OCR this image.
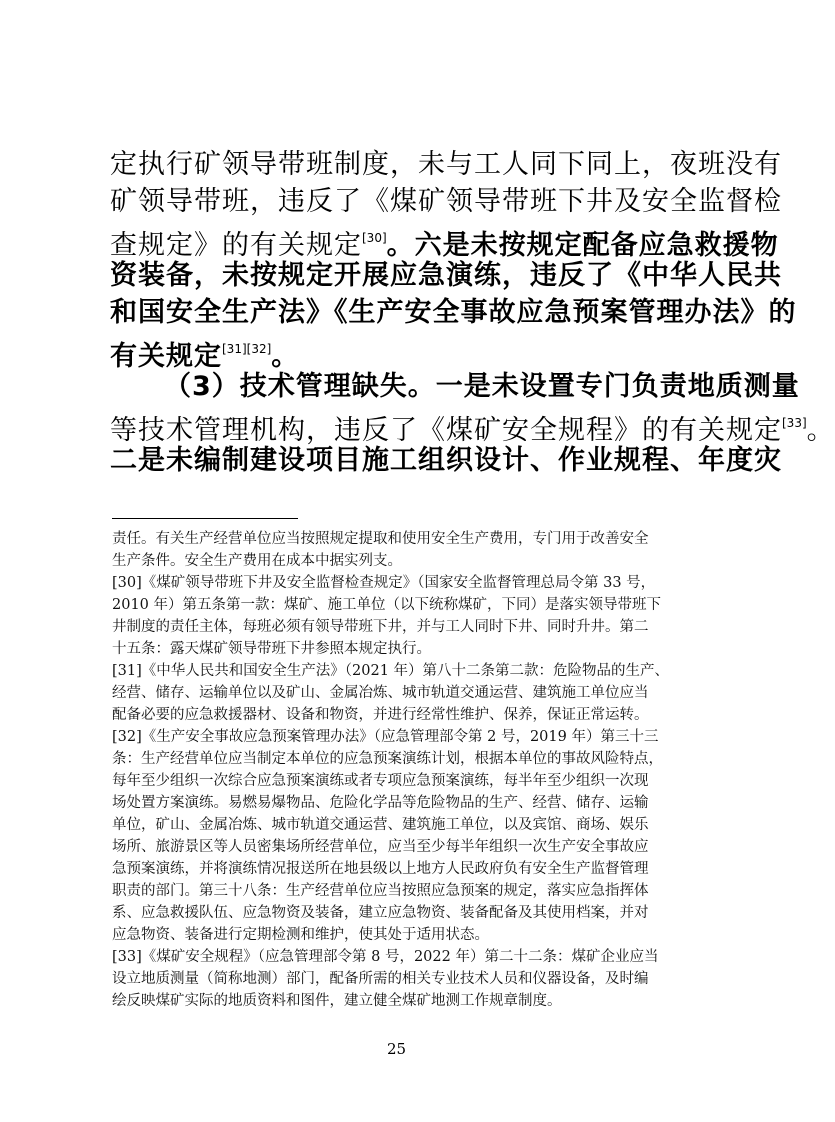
定执行矿领导带班制度，未与工人同下同上，夜班没有
矿领导带班，违反了《煤矿领导带班下井及安全监督检
查规定》的有关规定[30]。六是未按规定配备应急救援物
资装备，未按规定开展应急演练，违反了《中华人民共
和国安全生产法》《生产安全事故应急预案管理办法》的
有关规定[31][32]。
（3）技术管理缺失。一是未设置专门负责地质测量
等技术管理机构，违反了《煤矿安全规程》的有关规定[33]。
二是未编制建设项目施工组织设计、作业规程、年度灾
责任。有关生产经营单位应当按照规定提取和使用安全生产费用，专门用于改善安全
生产条件。安全生产费用在成本中据实列支。
[30]《煤矿领导带班下井及安全监督检查规定》（国家安全监督管理总局令第 33 号，
2010 年）第五条第一款：煤矿、施工单位（以下统称煤矿，下同）是落实领导带班下
井制度的责任主体，每班必须有领导带班下井，并与工人同时下井、同时升井。第二
十五条：露天煤矿领导带班下井参照本规定执行。
[31]《中华人民共和国安全生产法》（2021 年）第八十二条第二款：危险物品的生产、
经营、储存、运输单位以及矿山、金属冶炼、城市轨道交通运营、建筑施工单位应当
配备必要的应急救援器材、设备和物资，并进行经常性维护、保养，保证正常运转。
[32]《生产安全事故应急预案管理办法》（应急管理部令第 2 号，2019 年）第三十三
条：生产经营单位应当制定本单位的应急预案演练计划，根据本单位的事故风险特点，
每年至少组织一次综合应急预案演练或者专项应急预案演练，每半年至少组织一次现
场处置方案演练。易燃易爆物品、危险化学品等危险物品的生产、经营、储存、运输
单位，矿山、金属冶炼、城市轨道交通运营、建筑施工单位，以及宾馆、商场、娱乐
场所、旅游景区等人员密集场所经营单位，应当至少每半年组织一次生产安全事故应
急预案演练，并将演练情况报送所在地县级以上地方人民政府负有安全生产监督管理
职责的部门。第三十八条：生产经营单位应当按照应急预案的规定，落实应急指挥体
系、应急救援队伍、应急物资及装备，建立应急物资、装备配备及其使用档案，并对
应急物资、装备进行定期检测和维护，使其处于适用状态。
[33]《煤矿安全规程》（应急管理部令第 8 号，2022 年）第二十二条：煤矿企业应当
设立地质测量（简称地测）部门，配备所需的相关专业技术人员和仪器设备，及时编
绘反映煤矿实际的地质资料和图件，建立健全煤矿地测工作规章制度。
25
